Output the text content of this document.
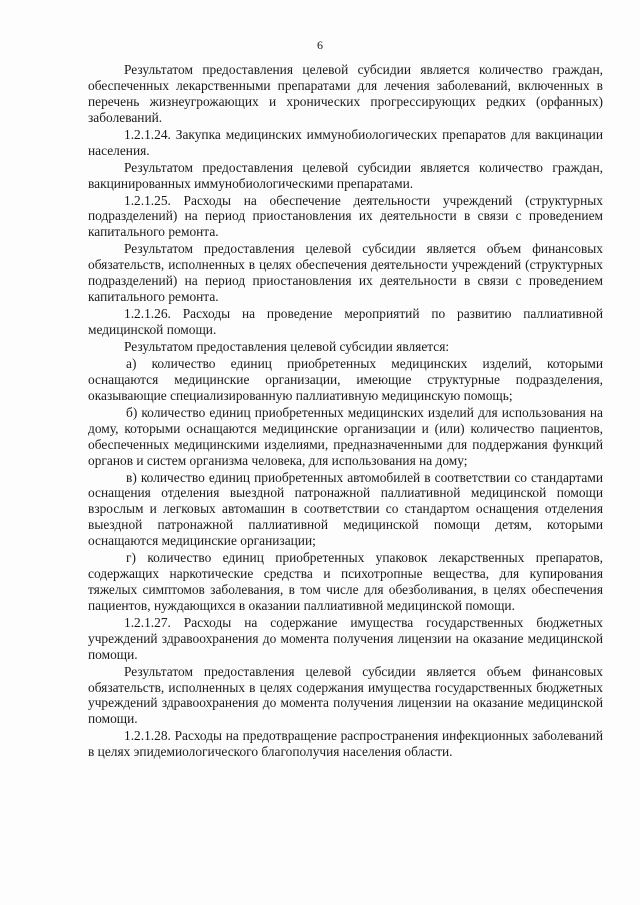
6

Результатом предоставления целевой субсидии является количество граждан, обеспеченных лекарственными препаратами для лечения заболеваний, включенных в перечень жизнеугрожающих и хронических прогрессирующих редких (орфанных) заболеваний.

1.2.1.24. Закупка медицинских иммунобиологических препаратов для вакцинации населения.

Результатом предоставления целевой субсидии является количество граждан, вакцинированных иммунобиологическими препаратами.

1.2.1.25. Расходы на обеспечение деятельности учреждений (структурных подразделений) на период приостановления их деятельности в связи с проведением капитального ремонта.

Результатом предоставления целевой субсидии является объем финансовых обязательств, исполненных в целях обеспечения деятельности учреждений (структурных подразделений) на период приостановления их деятельности в связи с проведением капитального ремонта.

1.2.1.26. Расходы на проведение мероприятий по развитию паллиативной медицинской помощи.

Результатом предоставления целевой субсидии является:

а) количество единиц приобретенных медицинских изделий, которыми оснащаются медицинские организации, имеющие структурные подразделения, оказывающие специализированную паллиативную медицинскую помощь;

б) количество единиц приобретенных медицинских изделий для использования на дому, которыми оснащаются медицинские организации и (или) количество пациентов, обеспеченных медицинскими изделиями, предназначенными для поддержания функций органов и систем организма человека, для использования на дому;

в) количество единиц приобретенных автомобилей в соответствии со стандартами оснащения отделения выездной патронажной паллиативной медицинской помощи взрослым и легковых автомашин в соответствии со стандартом оснащения отделения выездной патронажной паллиативной медицинской помощи детям, которыми оснащаются медицинские организации;

г) количество единиц приобретенных упаковок лекарственных препаратов, содержащих наркотические средства и психотропные вещества, для купирования тяжелых симптомов заболевания, в том числе для обезболивания, в целях обеспечения пациентов, нуждающихся в оказании паллиативной медицинской помощи.

1.2.1.27. Расходы на содержание имущества государственных бюджетных учреждений здравоохранения до момента получения лицензии на оказание медицинской помощи.

Результатом предоставления целевой субсидии является объем финансовых обязательств, исполненных в целях содержания имущества государственных бюджетных учреждений здравоохранения до момента получения лицензии на оказание медицинской помощи.

1.2.1.28. Расходы на предотвращение распространения инфекционных заболеваний в целях эпидемиологического благополучия населения области.
